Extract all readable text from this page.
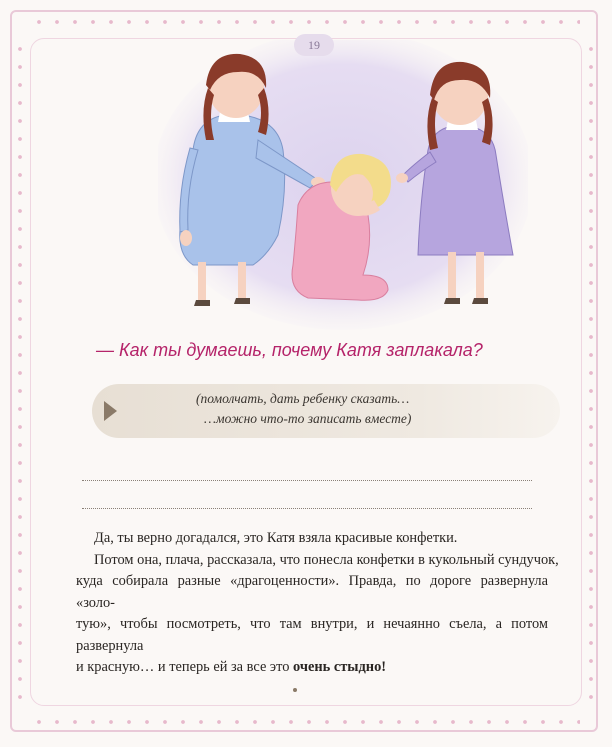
19
— Как ты думаешь, почему Катя заплакала?
(помолчать, дать ребенку сказать…
…можно что-то записать вместе)

Да, ты верно догадался, это Катя взяла красивые конфетки.

Потом она, плача, рассказала, что понесла конфетки в кукольный сундучок,
куда собирала разные «драгоценности». Правда, по дороге развернула «золо-
тую», чтобы посмотреть, что там внутри, и нечаянно съела, а потом развернула
и красную… и теперь ей за все это очень стыдно!
